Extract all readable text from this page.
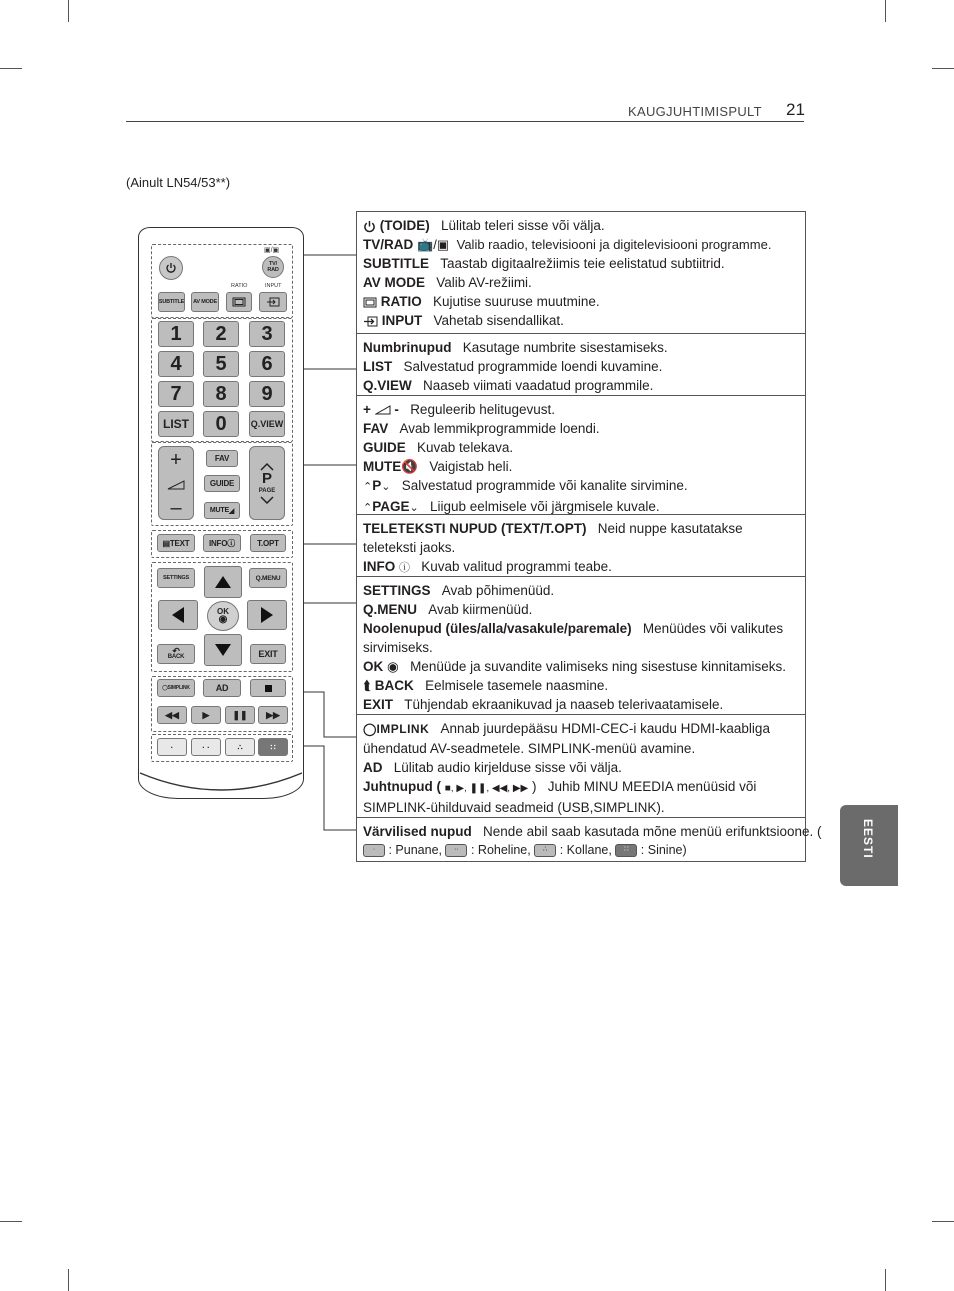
KAUGJUHTIMISPULT 21
(Ainult LN54/53**)
EESTI
▣/▣
TV/
RAD
RATIO	INPUT
SUBTITLE	AV MODE
1	2	3
4	5	6
7	8	9
LIST	0	Q.VIEW
+
–
FAV
GUIDE
MUTE ◢
P
PAGE
▤ TEXT INFO ⓘ	T.OPT
SETTINGS	Q.MENU
OK
◉
↶
BACK	EXIT
◯ SIMPLINK	AD
◀◀	▶	❚❚ ▶▶
·	· ·	∴	∷
(TOIDE) Lülitab teleri sisse või välja.
TV/RAD 📺/▣ Valib raadio, televisiooni ja digitelevisiooni programme.
SUBTITLE Taastab digitaalrežiimis teie eelistatud subtiitrid.
AV MODE Valib AV-režiimi.
RATIO Kujutise suuruse muutmine.
INPUT Vahetab sisendallikat.
Numbrinupud Kasutage numbrite sisestamiseks.
LIST Salvestatud programmide loendi kuvamine.
Q.VIEW Naaseb viimati vaadatud programmile.
+ - Reguleerib helitugevust.
FAV Avab lemmikprogrammide loendi.
GUIDE Kuvab telekava.
MUTE🔇 Vaigistab heli.
⌃P⌄ Salvestatud programmide või kanalite sirvimine.
⌃PAGE⌄ Liigub eelmisele või järgmisele kuvale.
TELETEKSTI NUPUD (TEXT/T.OPT) Neid nuppe kasutatakse teleteksti jaoks.
INFO ⓘ Kuvab valitud programmi teabe.
SETTINGS Avab põhimenüüd.
Q.MENU Avab kiirmenüüd.
Noolenupud (üles/alla/vasakule/paremale) Menüüdes või valikutes sirvimiseks.
OK ◉ Menüüde ja suvandite valimiseks ning sisestuse kinnitamiseks.
⮬ BACK Eelmisele tasemele naasmine.
EXIT Tühjendab ekraanikuvad ja naaseb telerivaatamisele.
◯IMPLINK Annab juurdepääsu HDMI-CEC-i kaudu HDMI-kaabliga ühendatud AV-seadmetele. SIMPLINK-menüü avamine.
AD Lülitab audio kirjelduse sisse või välja.
Juhtnupud ( ■, ▶, ❚❚, ◀◀, ▶▶ ) Juhib MINU MEEDIA menüüsid või SIMPLINK-ühilduvaid seadmeid (USB,SIMPLINK).
Värvilised nupud Nende abil saab kasutada mõne menüü erifunktsioone. (
· : Punane, ·· : Roheline, ∴ : Kollane, ∷ : Sinine)
